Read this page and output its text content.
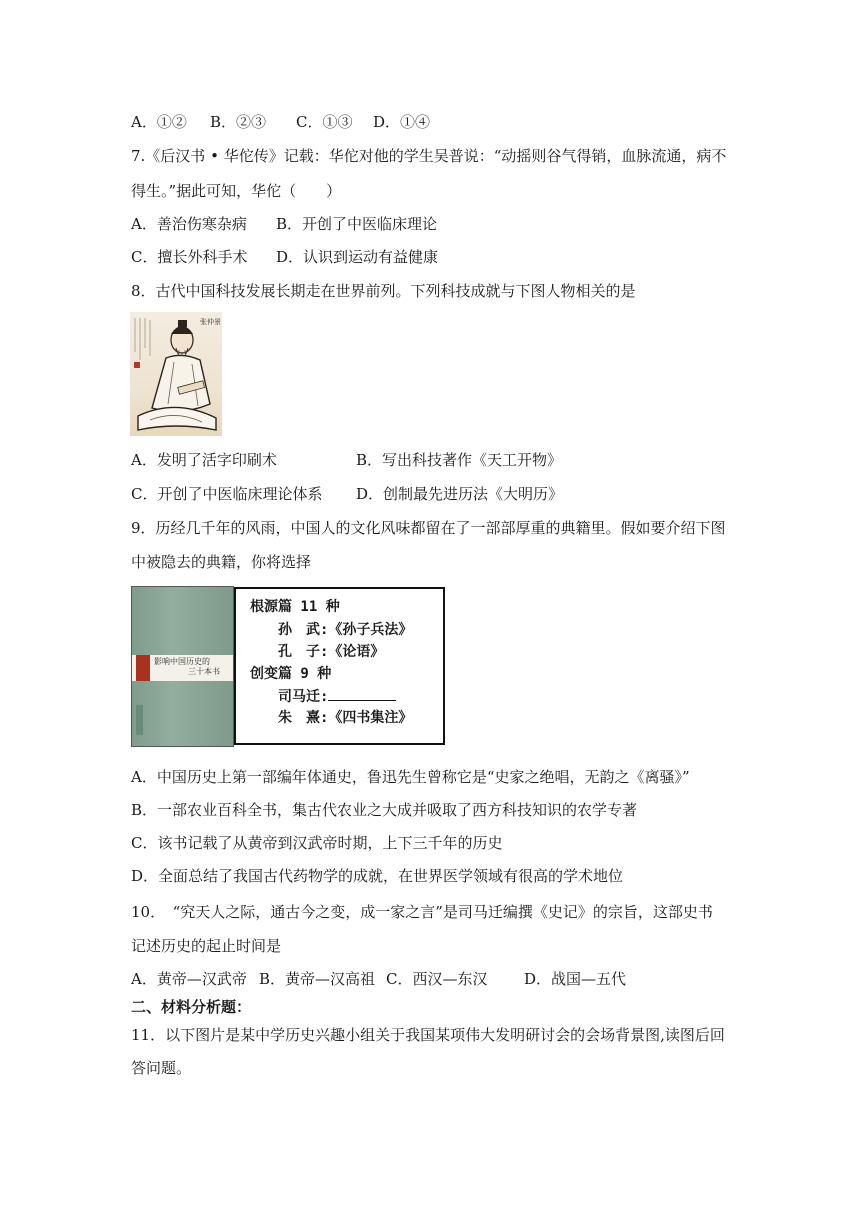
A．①② B．②③ C．①③ D．①④
7.《后汉书 • 华佗传》记载：华佗对他的学生吴普说：“动摇则谷气得销，血脉流通，病不
得生。”据此可知，华佗（　　）
A．善治伤寒杂病 B．开创了中医临床理论
C．擅长外科手术 D．认识到运动有益健康
8．古代中国科技发展长期走在世界前列。下列科技成就与下图人物相关的是
张仲景
A．发明了活字印刷术	B．写出科技著作《天工开物》
C．开创了中医临床理论体系 D．创制最先进历法《大明历》
9．历经几千年的风雨，中国人的文化风味都留在了一部部厚重的典籍里。假如要介绍下图
中被隐去的典籍，你将选择
影响中国历史的
三十本书
根源篇 11 种
孙　武:《孙子兵法》
孔　子:《论语》
创变篇 9 种
司马迁:
朱　熹:《四书集注》
A．中国历史上第一部编年体通史，鲁迅先生曾称它是“史家之绝唱，无韵之《离骚》”
B．一部农业百科全书，集古代农业之大成并吸取了西方科技知识的农学专著
C．该书记载了从黄帝到汉武帝时期，上下三千年的历史
D．全面总结了我国古代药物学的成就，在世界医学领域有很高的学术地位
10．　“究天人之际，通古今之变，成一家之言”是司马迁编撰《史记》的宗旨，这部史书
记述历史的起止时间是
A．黄帝—汉武帝 B．黄帝—汉高祖 C．西汉—东汉 D．战国—五代
二、材料分析题：
11．以下图片是某中学历史兴趣小组关于我国某项伟大发明研讨会的会场背景图,读图后回
答问题。
